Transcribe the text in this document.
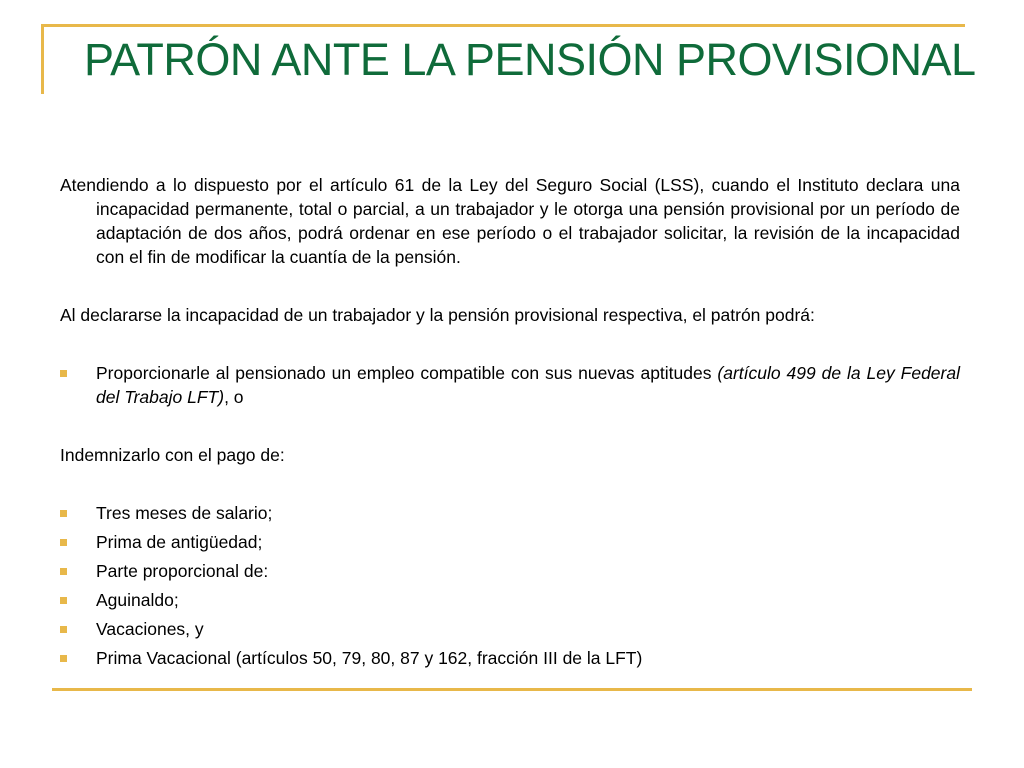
PATRÓN ANTE LA PENSIÓN PROVISIONAL

Atendiendo a lo dispuesto por el artículo 61 de la Ley del Seguro Social (LSS), cuando el Instituto declara una incapacidad permanente, total o parcial, a un trabajador y le otorga una pensión provisional por un período de adaptación de dos años, podrá ordenar en ese período o el trabajador solicitar, la revisión de la incapacidad con el fin de modificar la cuantía de la pensión.

Al declararse la incapacidad de un trabajador y la pensión provisional respectiva, el patrón podrá:

Proporcionarle al pensionado un empleo compatible con sus nuevas aptitudes (artículo 499 de la Ley Federal del Trabajo LFT), o

Indemnizarlo con el pago de:

Tres meses de salario;
Prima de antigüedad;
Parte proporcional de:
Aguinaldo;
Vacaciones, y
Prima Vacacional (artículos 50, 79, 80, 87 y 162, fracción III de la LFT)
